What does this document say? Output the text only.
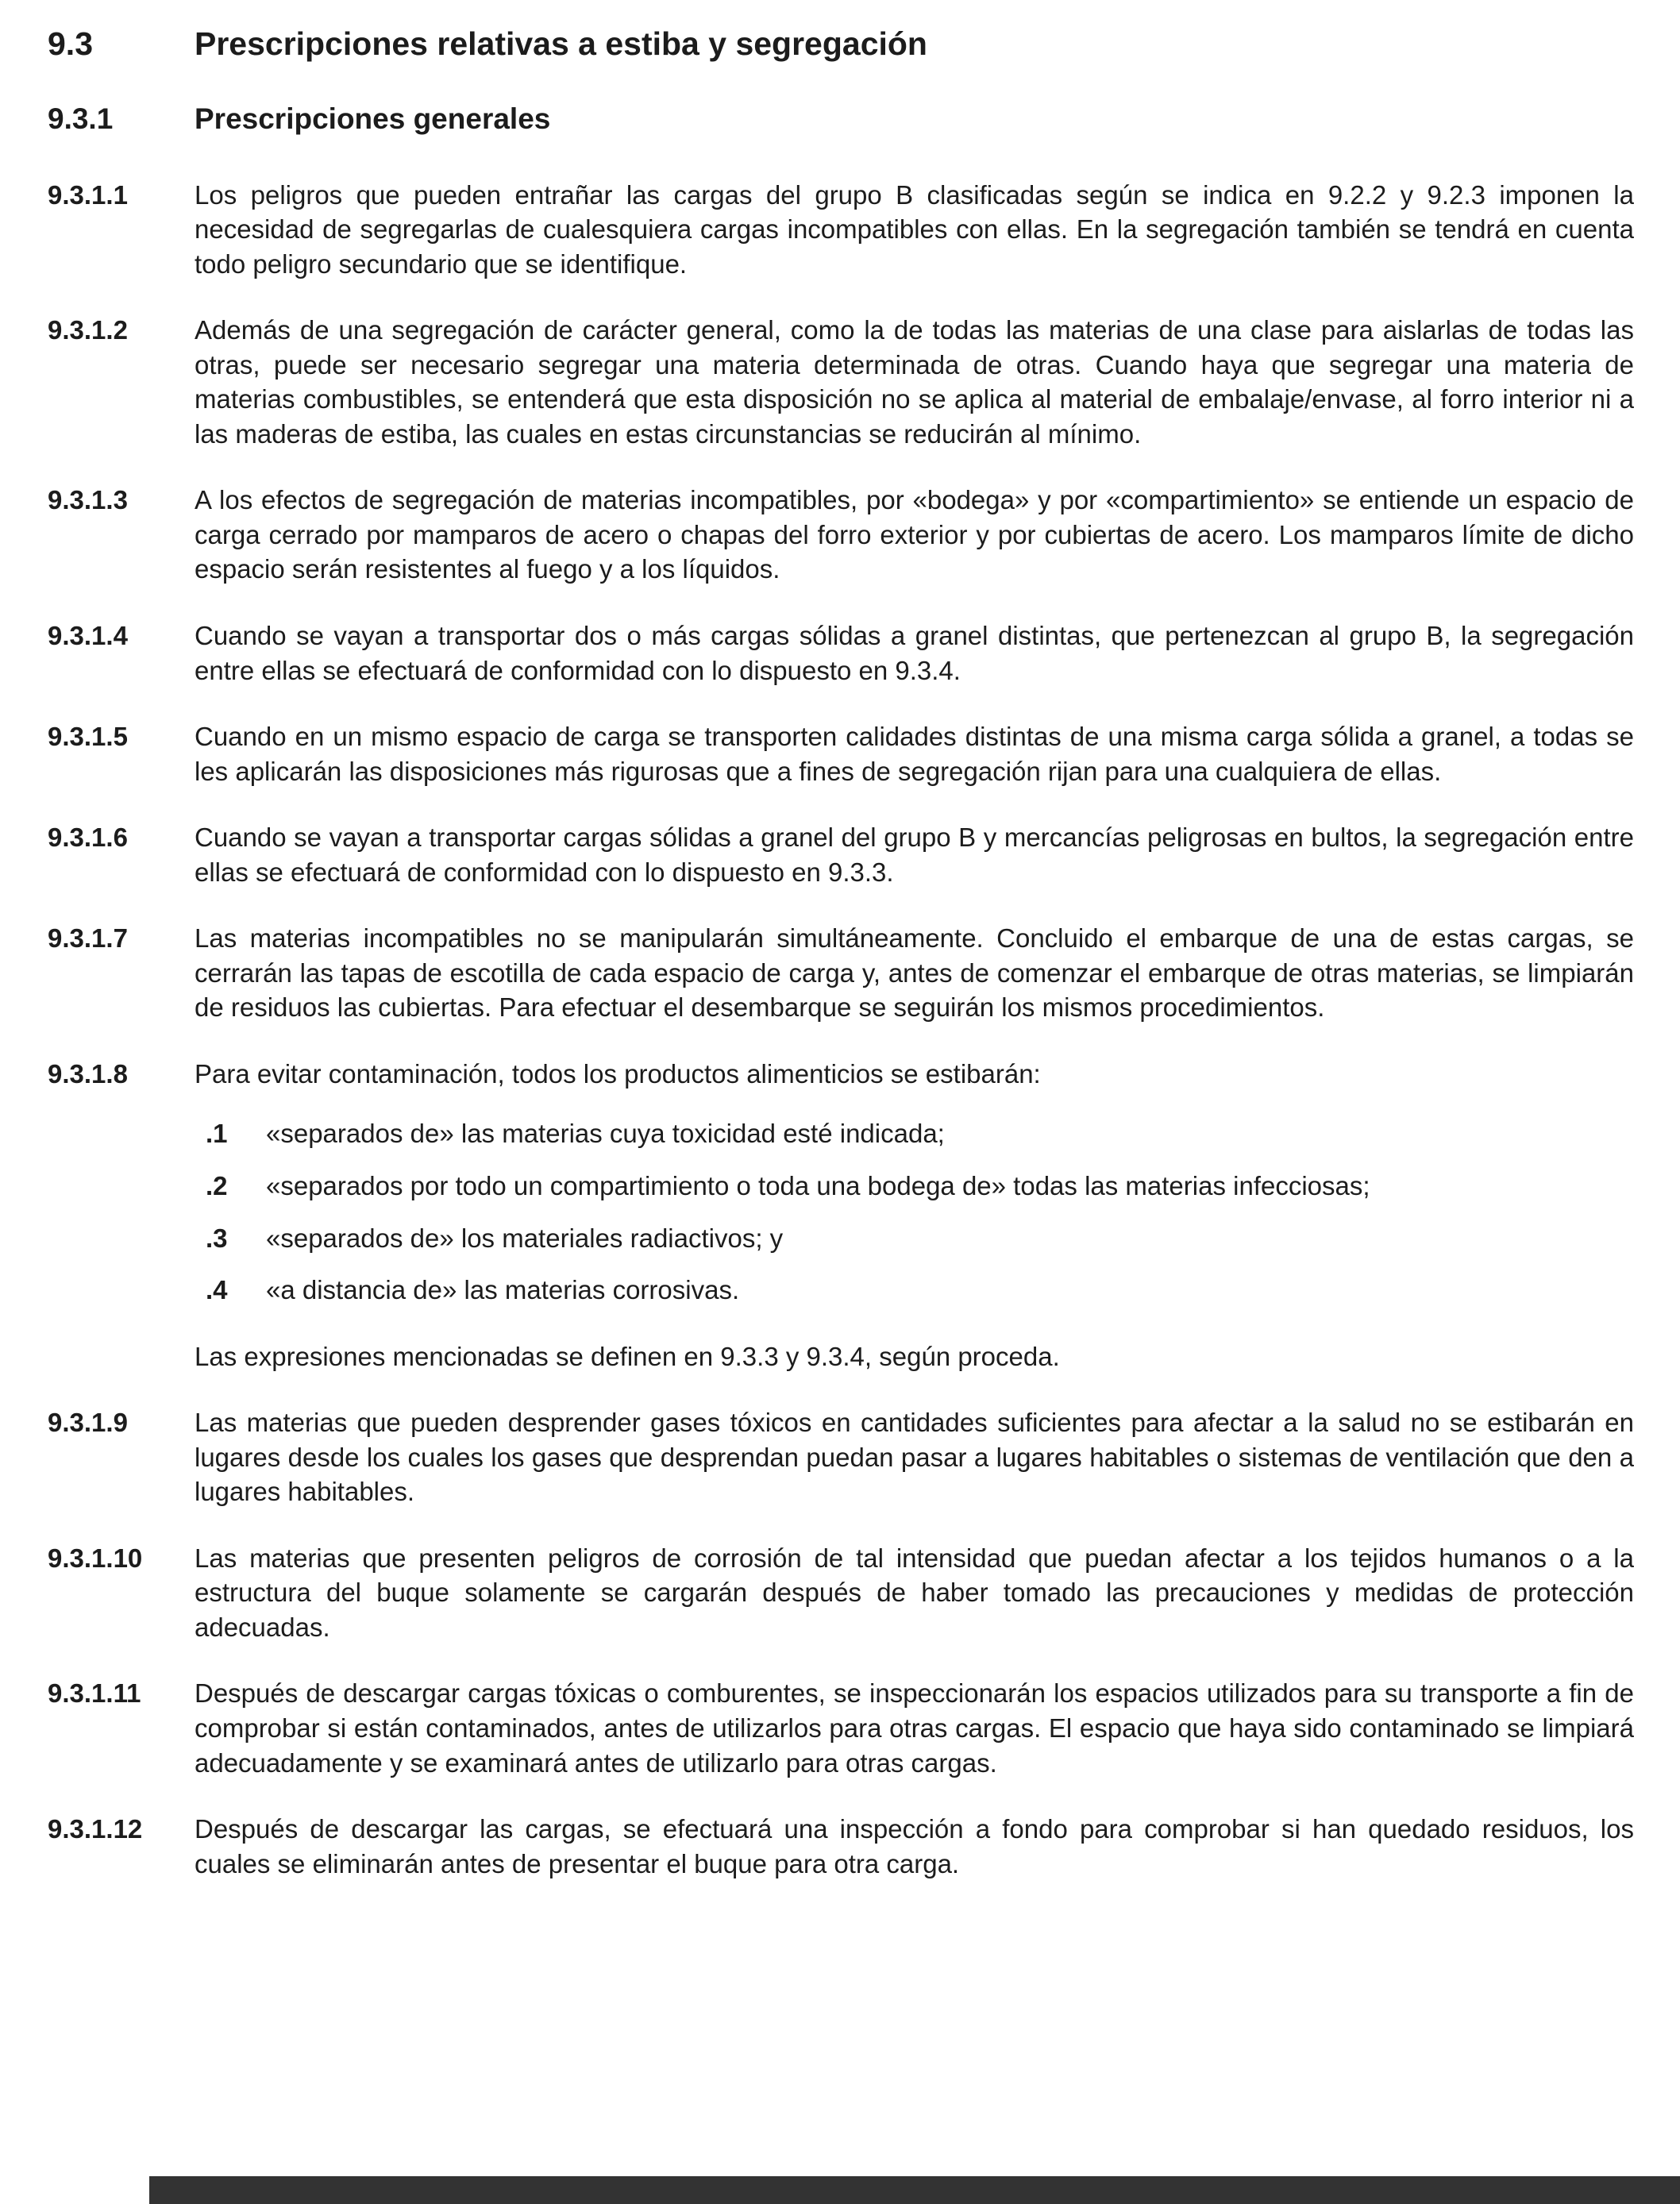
9.3	Prescripciones relativas a estiba y segregación
9.3.1	Prescripciones generales
9.3.1.1	Los peligros que pueden entrañar las cargas del grupo B clasificadas según se indica en 9.2.2 y 9.2.3 imponen la necesidad de segregarlas de cualesquiera cargas incompatibles con ellas. En la segregación también se tendrá en cuenta todo peligro secundario que se identifique.
9.3.1.2	Además de una segregación de carácter general, como la de todas las materias de una clase para aislarlas de todas las otras, puede ser necesario segregar una materia determinada de otras. Cuando haya que segregar una materia de materias combustibles, se entenderá que esta disposición no se aplica al material de embalaje/envase, al forro interior ni a las maderas de estiba, las cuales en estas circunstancias se reducirán al mínimo.
9.3.1.3	A los efectos de segregación de materias incompatibles, por «bodega» y por «compartimiento» se entiende un espacio de carga cerrado por mamparos de acero o chapas del forro exterior y por cubiertas de acero. Los mamparos límite de dicho espacio serán resistentes al fuego y a los líquidos.
9.3.1.4	Cuando se vayan a transportar dos o más cargas sólidas a granel distintas, que pertenezcan al grupo B, la segregación entre ellas se efectuará de conformidad con lo dispuesto en 9.3.4.
9.3.1.5	Cuando en un mismo espacio de carga se transporten calidades distintas de una misma carga sólida a granel, a todas se les aplicarán las disposiciones más rigurosas que a fines de segregación rijan para una cualquiera de ellas.
9.3.1.6	Cuando se vayan a transportar cargas sólidas a granel del grupo B y mercancías peligrosas en bultos, la segregación entre ellas se efectuará de conformidad con lo dispuesto en 9.3.3.
9.3.1.7	Las materias incompatibles no se manipularán simultáneamente. Concluido el embarque de una de estas cargas, se cerrarán las tapas de escotilla de cada espacio de carga y, antes de comenzar el embarque de otras materias, se limpiarán de residuos las cubiertas. Para efectuar el desembarque se seguirán los mismos procedimientos.
9.3.1.8	Para evitar contaminación, todos los productos alimenticios se estibarán:
.1	«separados de» las materias cuya toxicidad esté indicada;
.2	«separados por todo un compartimiento o toda una bodega de» todas las materias infecciosas;
.3	«separados de» los materiales radiactivos; y
.4	«a distancia de» las materias corrosivas.
Las expresiones mencionadas se definen en 9.3.3 y 9.3.4, según proceda.
9.3.1.9	Las materias que pueden desprender gases tóxicos en cantidades suficientes para afectar a la salud no se estibarán en lugares desde los cuales los gases que desprendan puedan pasar a lugares habitables o sistemas de ventilación que den a lugares habitables.
9.3.1.10	Las materias que presenten peligros de corrosión de tal intensidad que puedan afectar a los tejidos humanos o a la estructura del buque solamente se cargarán después de haber tomado las precauciones y medidas de protección adecuadas.
9.3.1.11	Después de descargar cargas tóxicas o comburentes, se inspeccionarán los espacios utilizados para su transporte a fin de comprobar si están contaminados, antes de utilizarlos para otras cargas. El espacio que haya sido contaminado se limpiará adecuadamente y se examinará antes de utilizarlo para otras cargas.
9.3.1.12	Después de descargar las cargas, se efectuará una inspección a fondo para comprobar si han quedado residuos, los cuales se eliminarán antes de presentar el buque para otra carga.
